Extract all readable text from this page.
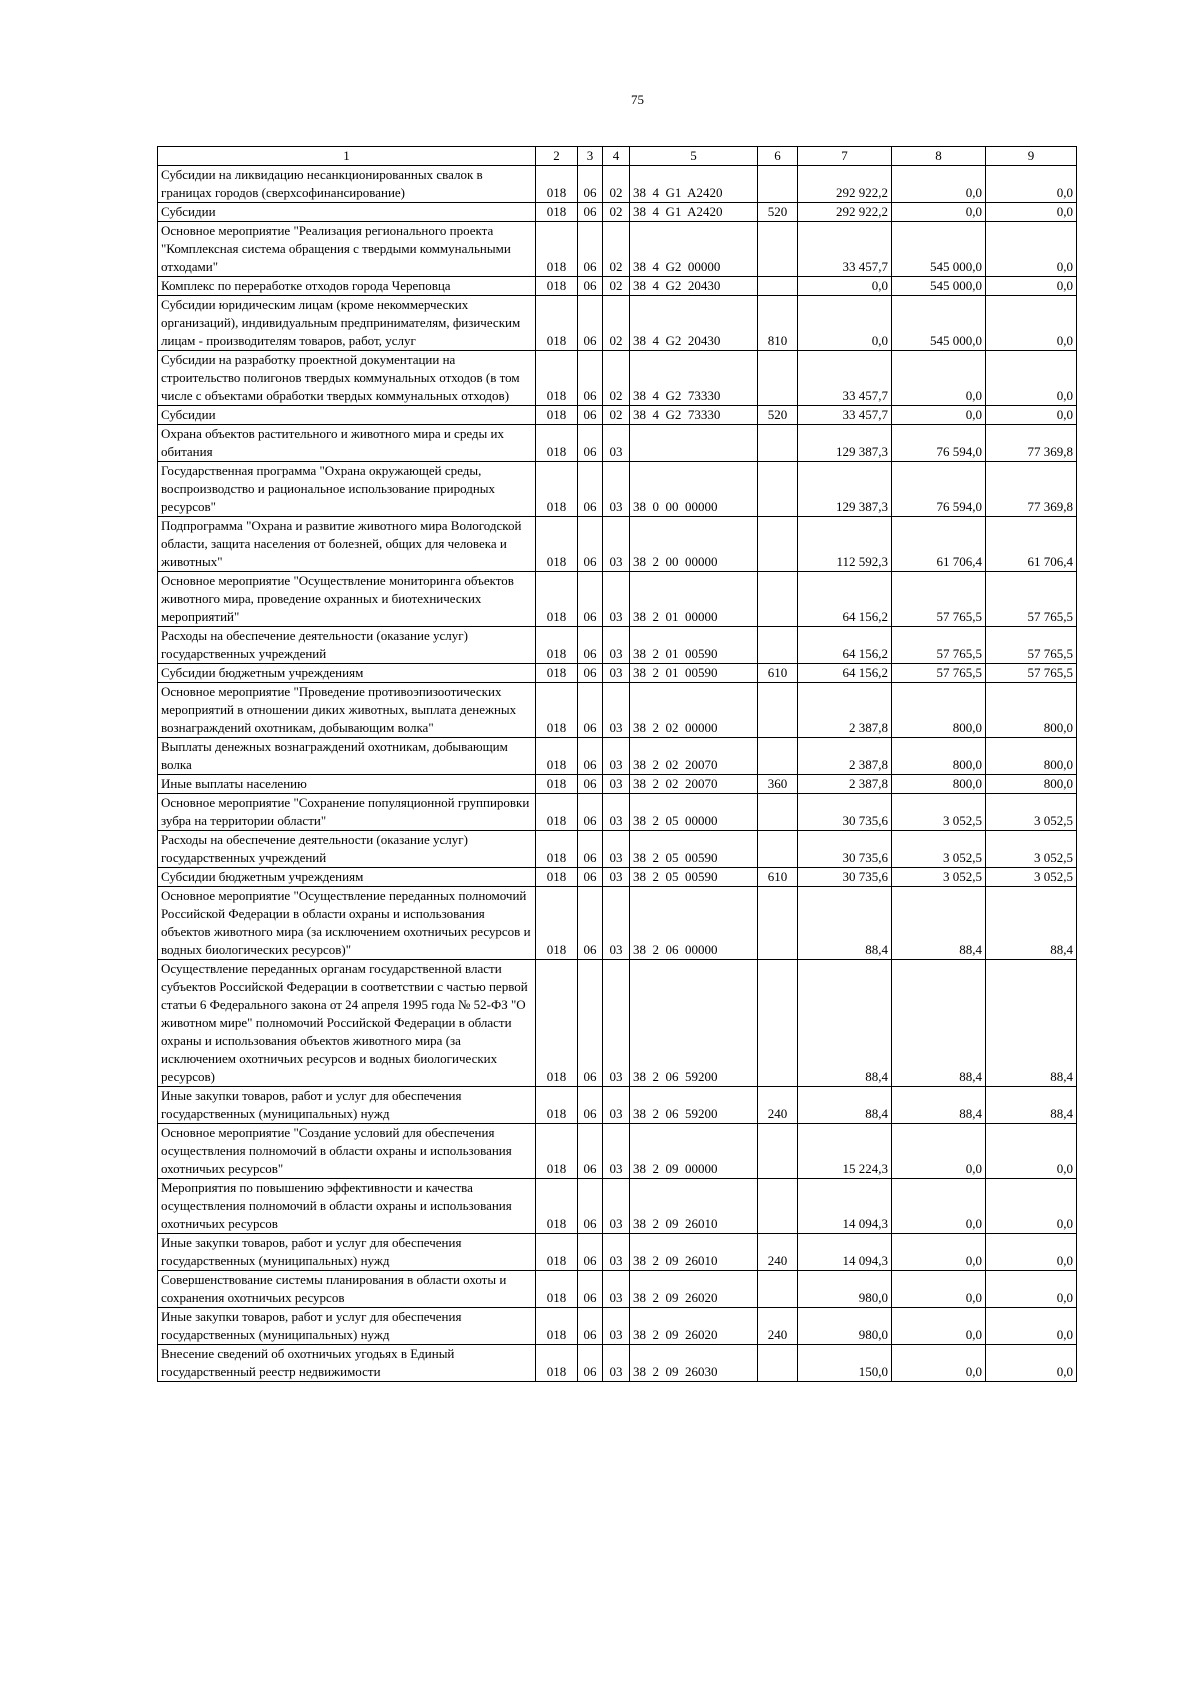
75
1	2	3	4	5	6	7	8	9
Субсидии на ликвидацию несанкционированных свалок в границах городов (сверхсофинансирование)	018	06	02	38  4  G1  A2420		292 922,2	0,0	0,0
Субсидии	018	06	02	38  4  G1  A2420	520	292 922,2	0,0	0,0
Основное мероприятие "Реализация регионального проекта "Комплексная система обращения с твердыми коммунальными отходами"	018	06	02	38  4  G2  00000		33 457,7	545 000,0	0,0
Комплекс по переработке отходов города Череповца	018	06	02	38  4  G2  20430		0,0	545 000,0	0,0
Субсидии юридическим лицам (кроме некоммерческих организаций), индивидуальным предпринимателям, физическим лицам - производителям товаров, работ, услуг	018	06	02	38  4  G2  20430	810	0,0	545 000,0	0,0
Субсидии на разработку проектной документации на строительство полигонов твердых коммунальных отходов (в том числе с объектами обработки твердых коммунальных отходов)	018	06	02	38  4  G2  73330		33 457,7	0,0	0,0
Субсидии	018	06	02	38  4  G2  73330	520	33 457,7	0,0	0,0
Охрана объектов растительного и животного мира и среды их обитания	018	06	03			129 387,3	76 594,0	77 369,8
Государственная программа "Охрана окружающей среды, воспроизводство и рациональное использование природных ресурсов"	018	06	03	38  0  00  00000		129 387,3	76 594,0	77 369,8
Подпрограмма "Охрана и развитие животного мира Вологодской области, защита населения от болезней, общих для человека и животных"	018	06	03	38  2  00  00000		112 592,3	61 706,4	61 706,4
Основное мероприятие "Осуществление мониторинга объектов животного мира, проведение охранных и биотехнических мероприятий"	018	06	03	38  2  01  00000		64 156,2	57 765,5	57 765,5
Расходы на обеспечение деятельности (оказание услуг) государственных учреждений	018	06	03	38  2  01  00590		64 156,2	57 765,5	57 765,5
Субсидии бюджетным учреждениям	018	06	03	38  2  01  00590	610	64 156,2	57 765,5	57 765,5
Основное мероприятие "Проведение противоэпизоотических мероприятий в отношении диких животных, выплата денежных вознаграждений охотникам, добывающим волка"	018	06	03	38  2  02  00000		2 387,8	800,0	800,0
Выплаты денежных вознаграждений охотникам, добывающим волка	018	06	03	38  2  02  20070		2 387,8	800,0	800,0
Иные выплаты населению	018	06	03	38  2  02  20070	360	2 387,8	800,0	800,0
Основное мероприятие "Сохранение популяционной группировки зубра на территории области"	018	06	03	38  2  05  00000		30 735,6	3 052,5	3 052,5
Расходы на обеспечение деятельности (оказание услуг) государственных учреждений	018	06	03	38  2  05  00590		30 735,6	3 052,5	3 052,5
Субсидии бюджетным учреждениям	018	06	03	38  2  05  00590	610	30 735,6	3 052,5	3 052,5
Основное мероприятие "Осуществление переданных полномочий Российской Федерации в области охраны и использования объектов животного мира (за исключением охотничьих ресурсов и водных биологических ресурсов)"	018	06	03	38  2  06  00000		88,4	88,4	88,4
Осуществление переданных органам государственной власти субъектов Российской Федерации в соответствии с частью первой статьи 6 Федерального закона от 24 апреля 1995 года № 52-ФЗ "О животном мире" полномочий Российской Федерации в области охраны и использования объектов животного мира (за исключением охотничьих ресурсов и водных биологических ресурсов)	018	06	03	38  2  06  59200		88,4	88,4	88,4
Иные закупки товаров, работ и услуг для обеспечения государственных (муниципальных) нужд	018	06	03	38  2  06  59200	240	88,4	88,4	88,4
Основное мероприятие "Создание условий для обеспечения осуществления полномочий в области охраны и использования охотничьих ресурсов"	018	06	03	38  2  09  00000		15 224,3	0,0	0,0
Мероприятия по повышению эффективности и качества осуществления полномочий в области охраны и использования охотничьих ресурсов	018	06	03	38  2  09  26010		14 094,3	0,0	0,0
Иные закупки товаров, работ и услуг для обеспечения государственных (муниципальных) нужд	018	06	03	38  2  09  26010	240	14 094,3	0,0	0,0
Совершенствование системы планирования в области охоты и сохранения охотничьих ресурсов	018	06	03	38  2  09  26020		980,0	0,0	0,0
Иные закупки товаров, работ и услуг для обеспечения государственных (муниципальных) нужд	018	06	03	38  2  09  26020	240	980,0	0,0	0,0
Внесение сведений об охотничьих угодьях в Единый государственный реестр недвижимости	018	06	03	38  2  09  26030		150,0	0,0	0,0
